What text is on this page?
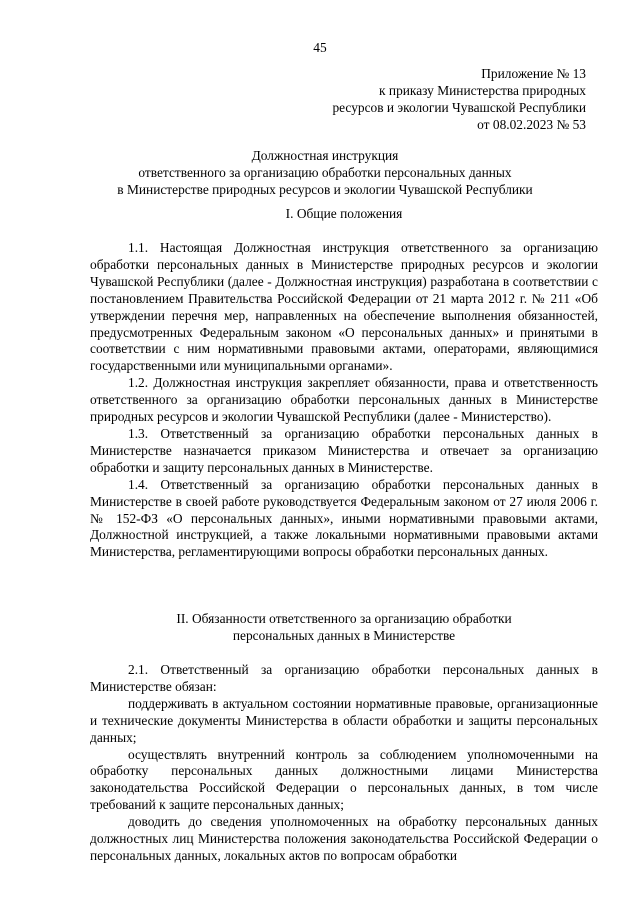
45
Приложение № 13
к приказу Министерства природных
ресурсов и экологии Чувашской Республики
от 08.02.2023 № 53
Должностная инструкция
ответственного за организацию обработки персональных данных
в Министерстве природных ресурсов и экологии Чувашской Республики
I. Общие положения

1.1. Настоящая Должностная инструкция ответственного за организацию обработки персональных данных в Министерстве природных ресурсов и экологии Чувашской Республики (далее - Должностная инструкция) разработана в соответствии с постановлением Правительства Российской Федерации от 21 марта 2012 г. № 211 «Об утверждении перечня мер, направленных на обеспечение выполнения обязанностей, предусмотренных Федеральным законом «О персональных данных» и принятыми в соответствии с ним нормативными правовыми актами, операторами, являющимися государственными или муниципальными органами».

1.2. Должностная инструкция закрепляет обязанности, права и ответственность ответственного за организацию обработки персональных данных в Министерстве природных ресурсов и экологии Чувашской Республики (далее - Министерство).

1.3. Ответственный за организацию обработки персональных данных в Министерстве назначается приказом Министерства и отвечает за организацию обработки и защиту персональных данных в Министерстве.

1.4. Ответственный за организацию обработки персональных данных в Министерстве в своей работе руководствуется Федеральным законом от 27 июля 2006 г. № 152-ФЗ «О персональных данных», иными нормативными правовыми актами, Должностной инструкцией, а также локальными нормативными правовыми актами Министерства, регламентирующими вопросы обработки персональных данных.

II. Обязанности ответственного за организацию обработки
персональных данных в Министерстве

2.1. Ответственный за организацию обработки персональных данных в Министерстве обязан:

поддерживать в актуальном состоянии нормативные правовые, организационные и технические документы Министерства в области обработки и защиты персональных данных;

осуществлять внутренний контроль за соблюдением уполномоченными на обработку персональных данных должностными лицами Министерства законодательства Российской Федерации о персональных данных, в том числе требований к защите персональных данных;

доводить до сведения уполномоченных на обработку персональных данных должностных лиц Министерства положения законодательства Российской Федерации о персональных данных, локальных актов по вопросам обработки
